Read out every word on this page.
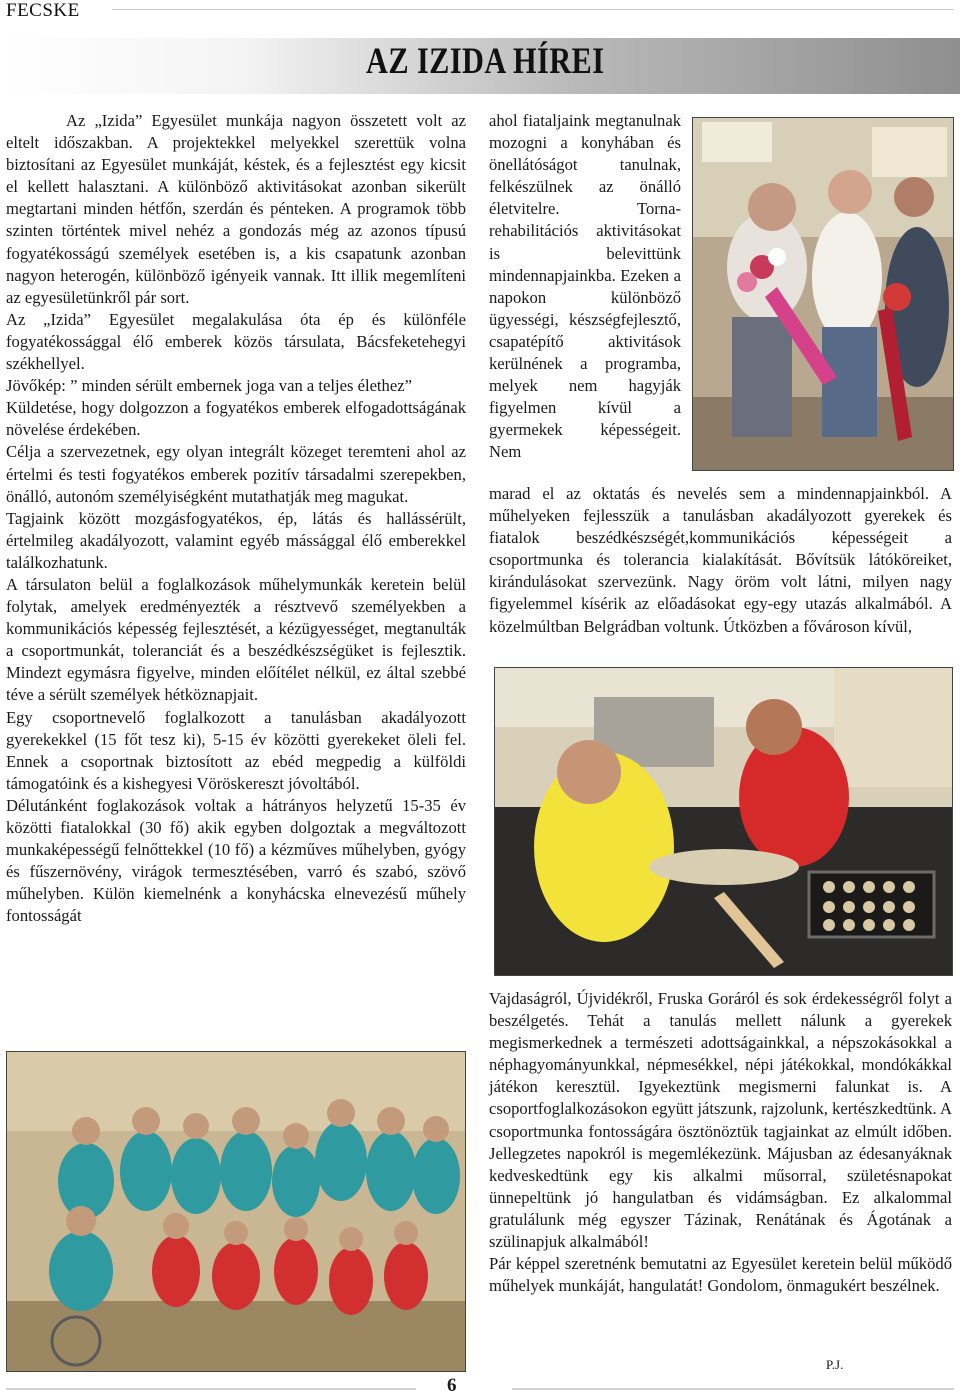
FECSKE
AZ IZIDA HÍREI

Az „Izida” Egyesület munkája nagyon összetett volt az eltelt időszakban. A projektekkel melyekkel szerettük volna biztosítani az Egyesület munkáját, késtek, és a fejlesztést egy kicsit el kellett halasztani. A különböző aktivitásokat azonban sikerült megtartani minden hétfőn, szerdán és pénteken. A programok több szinten történtek mivel nehéz a gondozás még az azonos típusú fogyatékosságú személyek esetében is, a kis csapatunk azonban nagyon heterogén, különböző igényeik vannak. Itt illik megemlíteni az egyesületünkről pár sort.

Az „Izida” Egyesület megalakulása óta ép és különféle fogyatékossággal élő emberek közös társulata, Bácsfeketehegyi székhellyel.

Jövőkép: ” minden sérült embernek joga van a teljes élethez”

Küldetése, hogy dolgozzon a fogyatékos emberek elfogadottságának növelése érdekében.

Célja a szervezetnek, egy olyan integrált közeget teremteni ahol az értelmi és testi fogyatékos emberek pozitív társadalmi szerepekben, önálló, autonóm személyiségként mutathatják meg magukat.

Tagjaink között mozgásfogyatékos, ép, látás és hallássérült, értelmileg akadályozott, valamint egyéb mássággal élő emberekkel találkozhatunk.

A társulaton belül a foglalkozások műhelymunkák keretein belül folytak, amelyek eredményezték a résztvevő személyekben a kommunikációs képesség fejlesztését, a kézügyességet, megtanulták a csoportmunkát, toleranciát és a beszédkészségüket is fejlesztik. Mindezt egymásra figyelve, minden előítélet nélkül, ez által szebbé téve a sérült személyek hétköznapjait.

Egy csoportnevelő foglalkozott a tanulásban akadályozott gyerekekkel (15 főt tesz ki), 5-15 év közötti gyerekeket öleli fel. Ennek a csoportnak biztosított az ebéd megpedig a külföldi támogatóink és a kishegyesi Vöröskereszt jóvoltából.

Délutánként foglakozások voltak a hátrányos helyzetű 15-35 év közötti fiatalokkal (30 fő) akik egyben dolgoztak a megváltozott munkaképességű felnőttekkel (10 fő) a kézműves műhelyben, gyógy és fűszernövény, virágok termesztésében, varró és szabó, szövő műhelyben. Külön kiemelnénk a konyhácska elnevezésű műhely fontosságát

ahol fiataljaink megtanulnak mozogni a konyhában és önellátóságot tanulnak, felkészülnek az önálló életvitelre. Torna-rehabilitációs aktivitásokat is belevittünk mindennapjainkba. Ezeken a napokon különböző ügyességi, készségfejlesztő, csapatépítő aktivitások kerülnének a programba, melyek nem hagyják figyelmen kívül a gyermekek képességeit. Nem

marad el az oktatás és nevelés sem a mindennapjainkból. A műhelyeken fejlesszük a tanulásban akadályozott gyerekek és fiatalok beszédkészségét,kommunikációs képességeit a csoportmunka és tolerancia kialakítását. Bővítsük látóköreiket, kirándulásokat szervezünk. Nagy öröm volt látni, milyen nagy figyelemmel kísérik az előadásokat egy-egy utazás alkalmából. A közelmúltban Belgrádban voltunk. Útközben a fővároson kívül,

Vajdaságról, Újvidékről, Fruska Goráról és sok érdekességről folyt a beszélgetés. Tehát a tanulás mellett nálunk a gyerekek megismerkednek a természeti adottságainkkal, a népszokásokkal a néphagyományunkkal, népmesékkel, népi játékokkal, mondókákkal játékon keresztül. Igyekeztünk megismerni falunkat is. A csoportfoglalkozásokon együtt játszunk, rajzolunk, kertészkedtünk. A csoportmunka fontosságára ösztönöztük tagjainkat az elmúlt időben. Jellegzetes napokról is megemlékezünk. Májusban az édesanyáknak kedveskedtünk egy kis alkalmi műsorral, születésnapokat ünnepeltünk jó hangulatban és vidámságban. Ez alkalommal gratulálunk még egyszer Tázinak, Renátának és Ágotának a szülinapjuk alkalmából!

Pár képpel szeretnénk bemutatni az Egyesület keretein belül működő műhelyek munkáját, hangulatát! Gondolom, önmagukért beszélnek.

P.J.
6
